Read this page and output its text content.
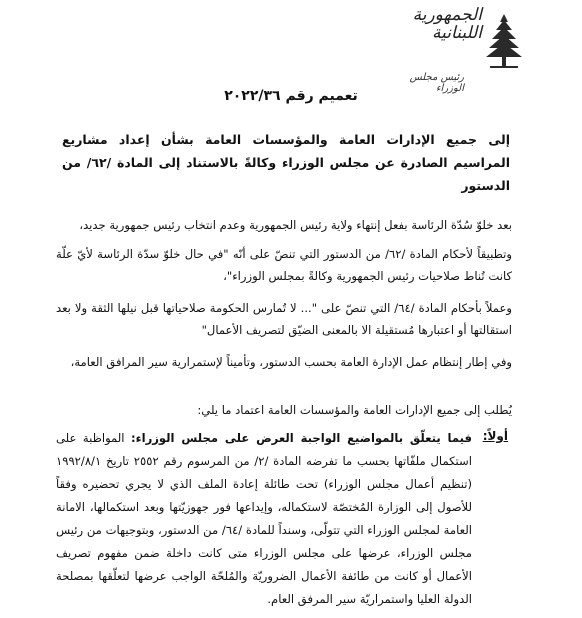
الجمهورية
اللبنانية
رئيس مجلس الوزراء
تعميم رقم ٢٠٢٢/٣٦
إلى جميع الإدارات العامة والمؤسسات العامة بشأن إعداد مشاريع المراسيم الصادرة عن مجلس الوزراء وكالةً بالاستناد إلى المادة /٦٢/ من الدستور
بعد خلوّ سُدّة الرئاسة بفعل إنتهاء ولاية رئيس الجمهورية وعدم انتخاب رئيس جمهورية جديد،
وتطبيقاً لأحكام المادة /٦٢/ من الدستور التي تنصّ على أنّه "في حال خلوّ سدّة الرئاسة لأيّ علّة كانت تُناط صلاحيات رئيس الجمهورية وكالةً بمجلس الوزراء"،
وعملاً بأحكام المادة /٦٤/ التي تنصّ على "... لا تُمارس الحكومة صلاحياتها قبل نيلها الثقة ولا بعد استقالتها أو اعتبارها مُستقيلة الا بالمعنى الضيّق لتصريف الأعمال"
وفي إطار إنتظام عمل الإدارة العامة بحسب الدستور، وتأميناً لإستمرارية سير المرافق العامة،
يُطلب إلى جميع الإدارات العامة والمؤسسات العامة اعتماد ما يلي:
أولاً:
فيما يتعلّق بالمواضيع الواجبة العرض على مجلس الوزراء: المواظبة على استكمال ملفّاتها بحسب ما تفرضه المادة /٢/ من المرسوم رقم ٢٥٥٢ تاريخ ١٩٩٢/٨/١ (تنظيم أعمال مجلس الوزراء) تحت طائلة إعادة الملف الذي لا يجري تحضيره وفقاً للأصول إلى الوزارة المُختصّة لاستكماله، وإيداعها فور جهوزيّتها وبعد استكمالها، الامانة العامة لمجلس الوزراء التي تتولّى، وسنداً للمادة /٦٤/ من الدستور، وبتوجيهات من رئيس مجلس الوزراء، عرضها على مجلس الوزراء متى كانت داخلة ضمن مفهوم تصريف الأعمال أو كانت من طائفة الأعمال الضروريّة والمُلحّة الواجب عرضها لتعلّقها بمصلحة الدولة العليا واستمراريّة سير المرفق العام.
